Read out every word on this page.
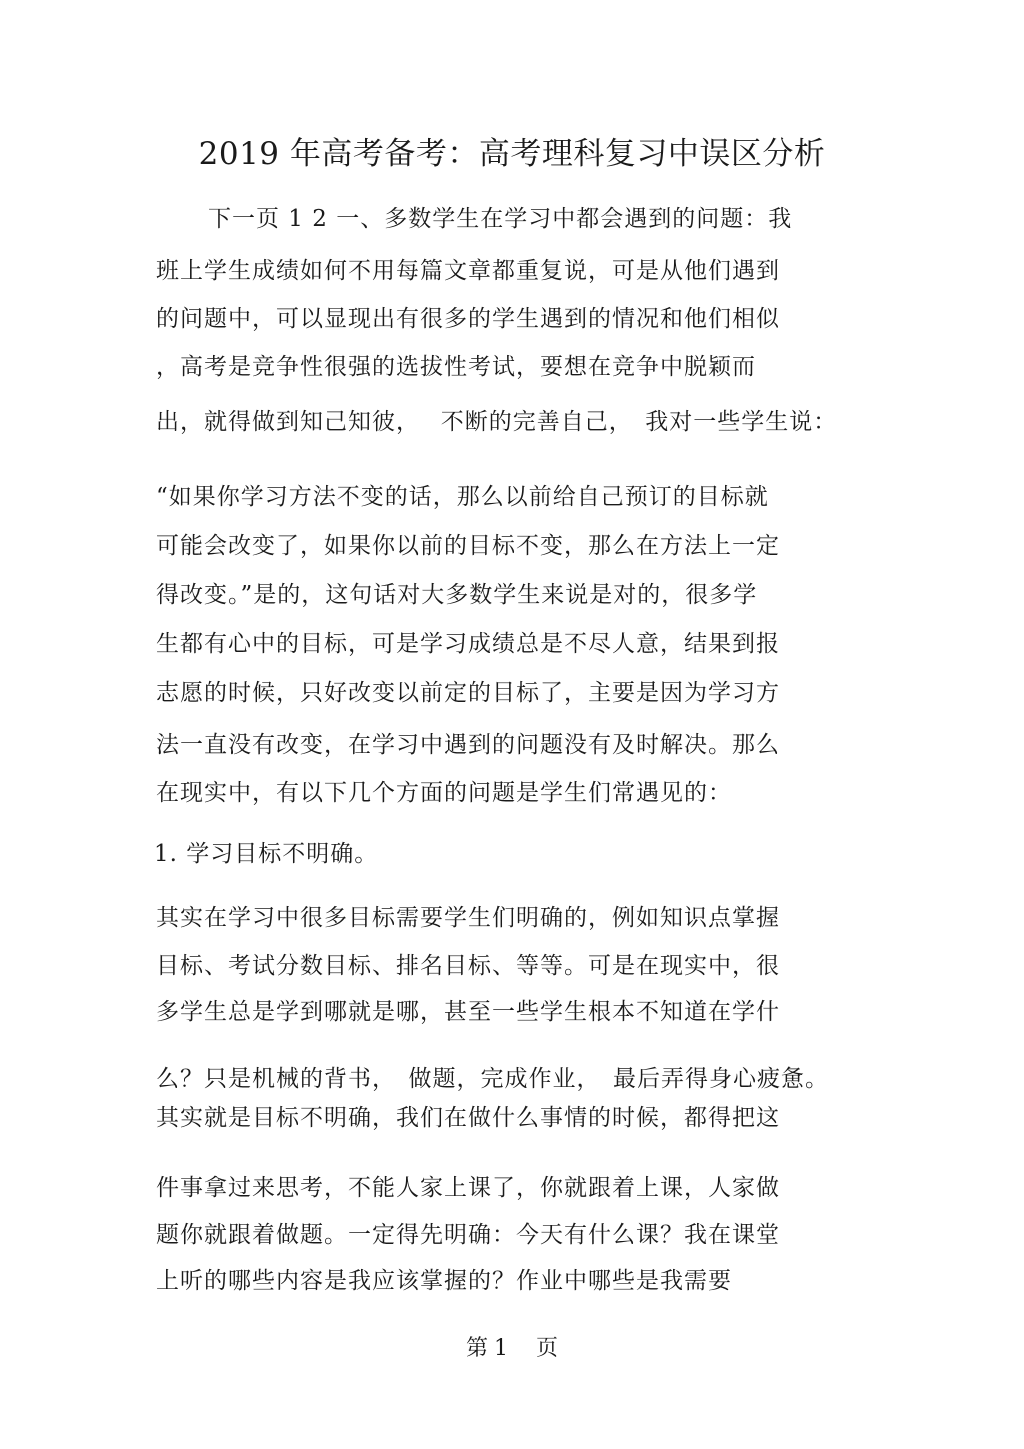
2019 年高考备考：高考理科复习中误区分析
下一页 1 2 一、多数学生在学习中都会遇到的问题：我
班上学生成绩如何不用每篇文章都重复说，可是从他们遇到
的问题中，可以显现出有很多的学生遇到的情况和他们相似
，高考是竞争性很强的选拔性考试，要想在竞争中脱颖而
出，就得做到知己知彼，　 不断的完善自己，　我对一些学生说：
“如果你学习方法不变的话，那么以前给自己预订的目标就
可能会改变了，如果你以前的目标不变，那么在方法上一定
得改变。”是的，这句话对大多数学生来说是对的，很多学
生都有心中的目标，可是学习成绩总是不尽人意，结果到报
志愿的时候，只好改变以前定的目标了，主要是因为学习方
法一直没有改变，在学习中遇到的问题没有及时解决。那么
在现实中，有以下几个方面的问题是学生们常遇见的：
1. 学习目标不明确。
其实在学习中很多目标需要学生们明确的，例如知识点掌握
目标、考试分数目标、排名目标、等等。可是在现实中，很
多学生总是学到哪就是哪，甚至一些学生根本不知道在学什
么？只是机械的背书，　做题，完成作业，　最后弄得身心疲惫。
其实就是目标不明确，我们在做什么事情的时候，都得把这
件事拿过来思考，不能人家上课了，你就跟着上课，人家做
题你就跟着做题。一定得先明确：今天有什么课？我在课堂
上听的哪些内容是我应该掌握的？作业中哪些是我需要
第 1 页
